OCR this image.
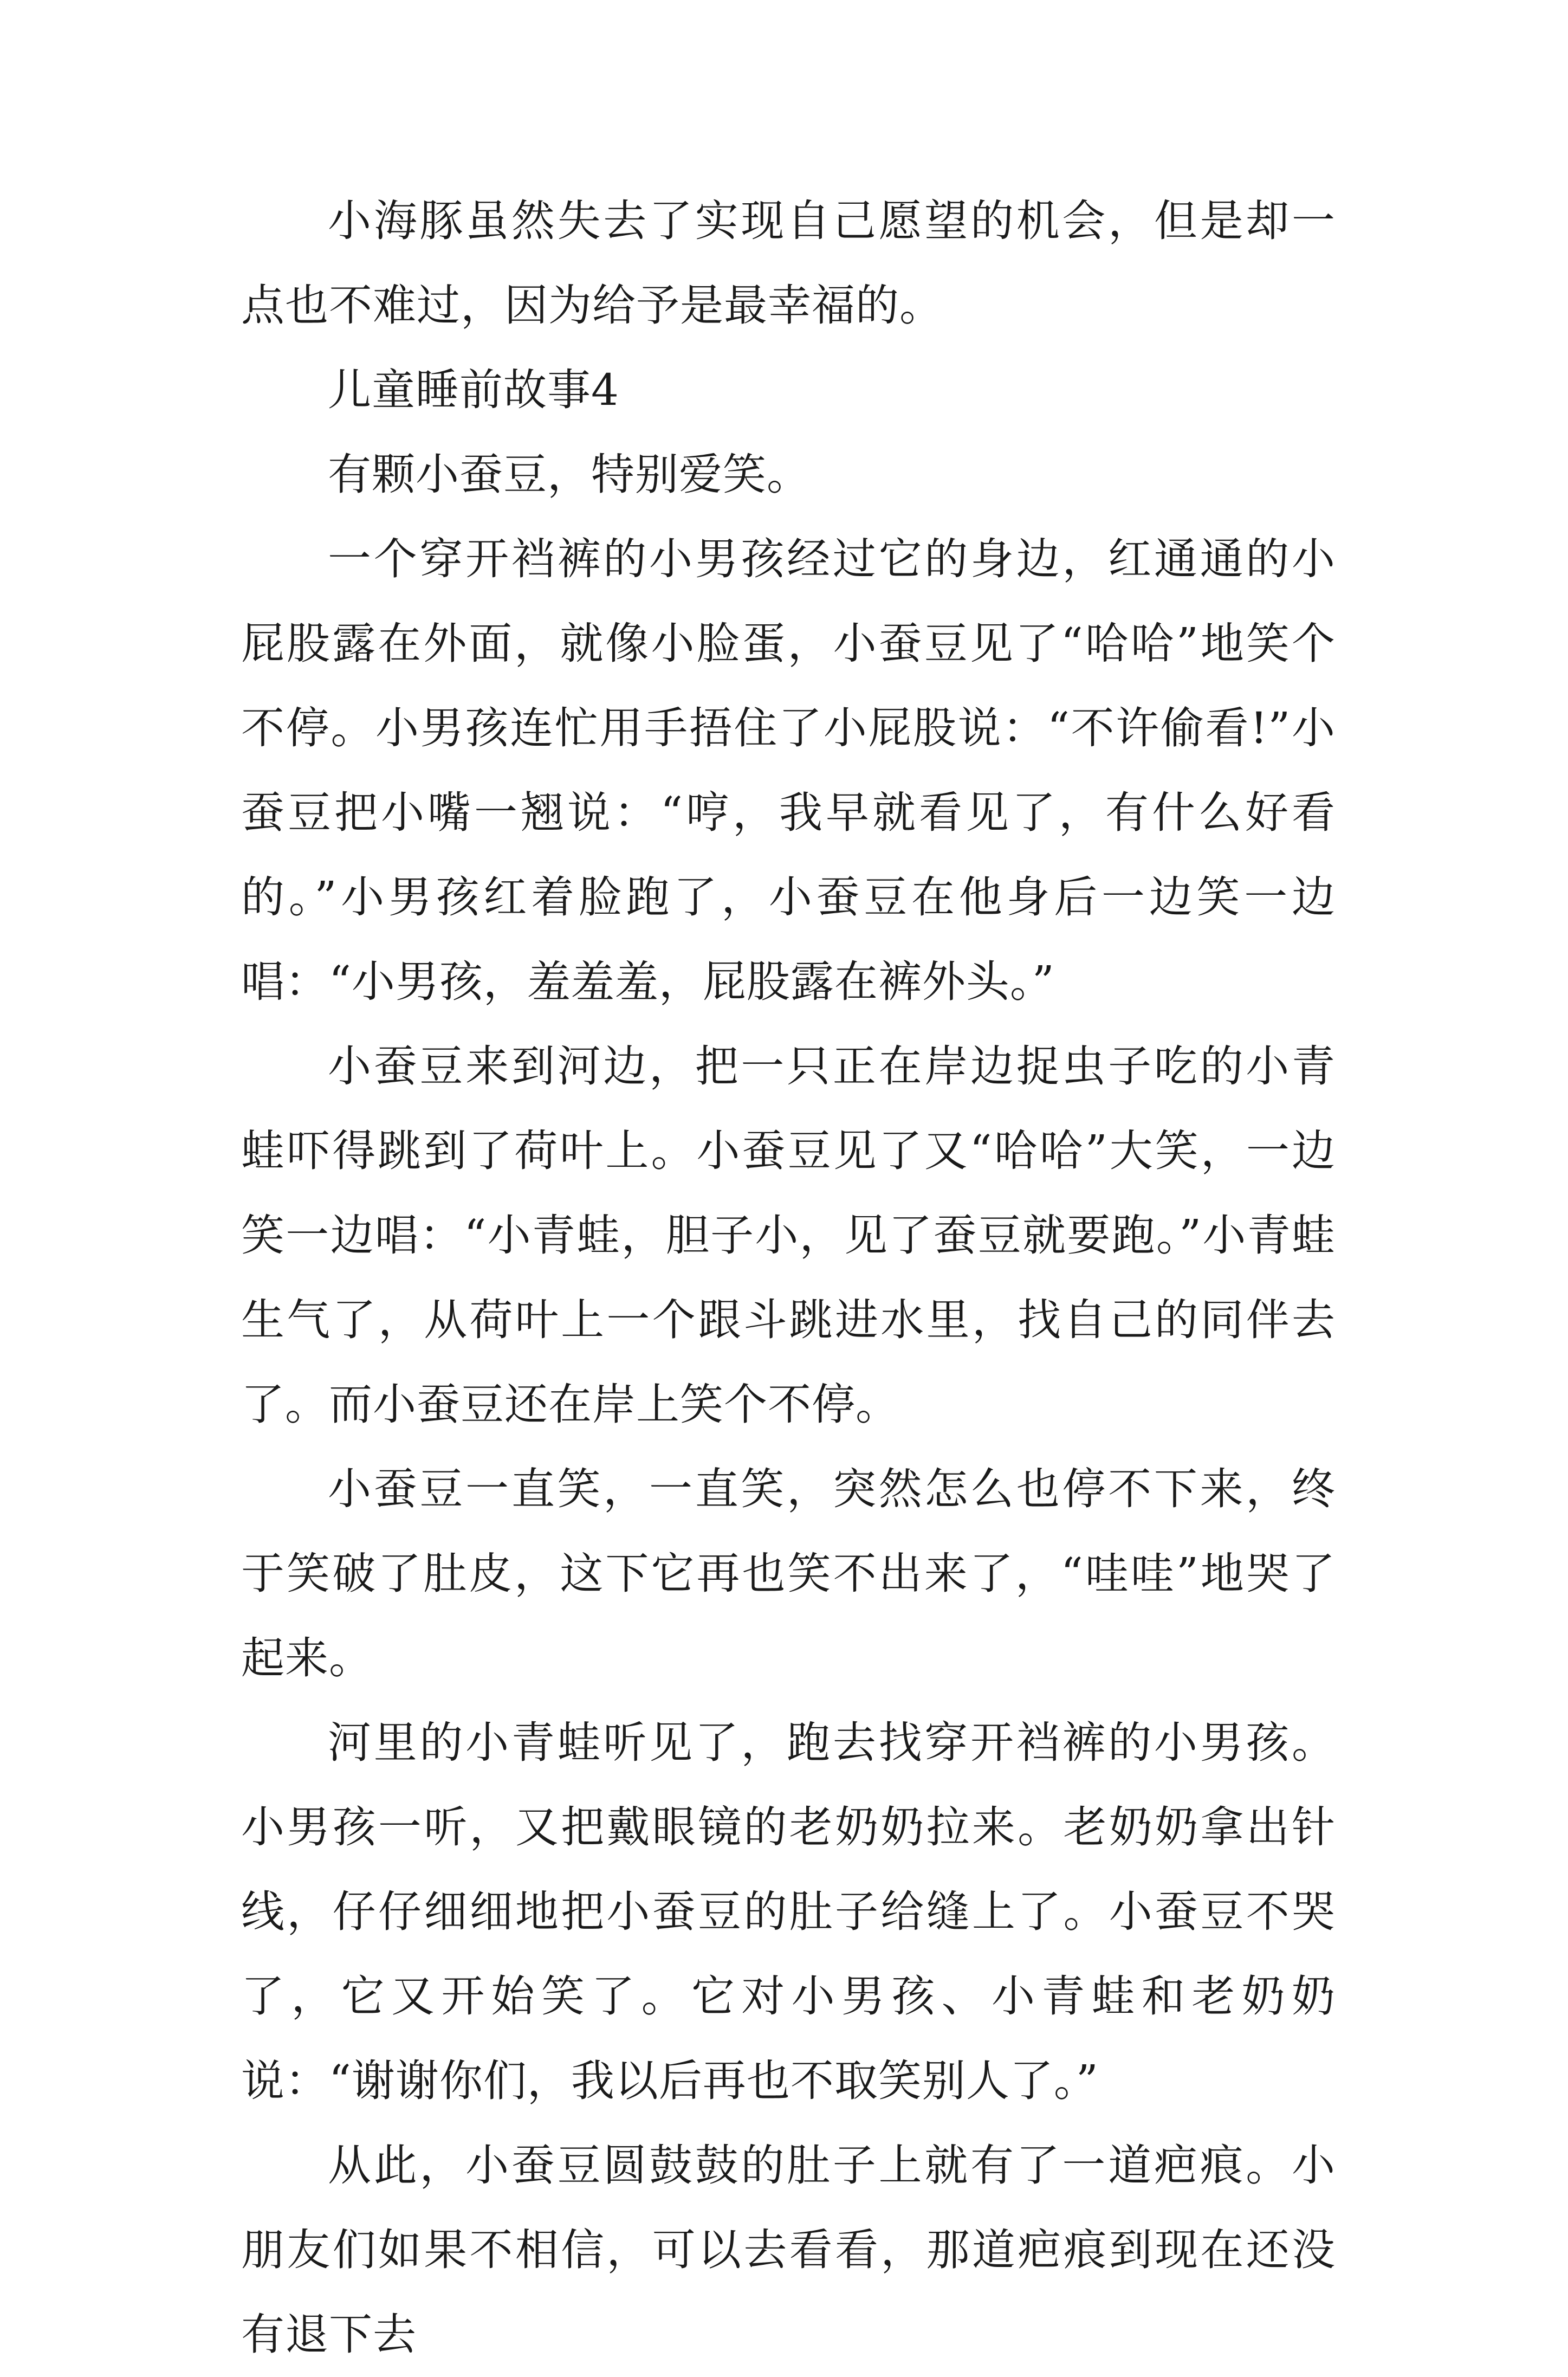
小海豚虽然失去了实现自己愿望的机会，但是却一点也不难过，因为给予是最幸福的。

儿童睡前故事4

有颗小蚕豆，特别爱笑。

一个穿开裆裤的小男孩经过它的身边，红通通的小屁股露在外面，就像小脸蛋，小蚕豆见了“哈哈”地笑个不停。小男孩连忙用手捂住了小屁股说：“不许偷看!”小蚕豆把小嘴一翘说：“哼，我早就看见了，有什么好看的。”小男孩红着脸跑了，小蚕豆在他身后一边笑一边唱：“小男孩，羞羞羞，屁股露在裤外头。”

小蚕豆来到河边，把一只正在岸边捉虫子吃的小青蛙吓得跳到了荷叶上。小蚕豆见了又“哈哈”大笑，一边笑一边唱：“小青蛙，胆子小，见了蚕豆就要跑。”小青蛙生气了，从荷叶上一个跟斗跳进水里，找自己的同伴去了。而小蚕豆还在岸上笑个不停。

小蚕豆一直笑，一直笑，突然怎么也停不下来，终于笑破了肚皮，这下它再也笑不出来了，“哇哇”地哭了起来。

河里的小青蛙听见了，跑去找穿开裆裤的小男孩。小男孩一听，又把戴眼镜的老奶奶拉来。老奶奶拿出针线，仔仔细细地把小蚕豆的肚子给缝上了。小蚕豆不哭了，它又开始笑了。它对小男孩、小青蛙和老奶奶说：“谢谢你们，我以后再也不取笑别人了。”

从此，小蚕豆圆鼓鼓的肚子上就有了一道疤痕。小朋友们如果不相信，可以去看看，那道疤痕到现在还没有退下去
